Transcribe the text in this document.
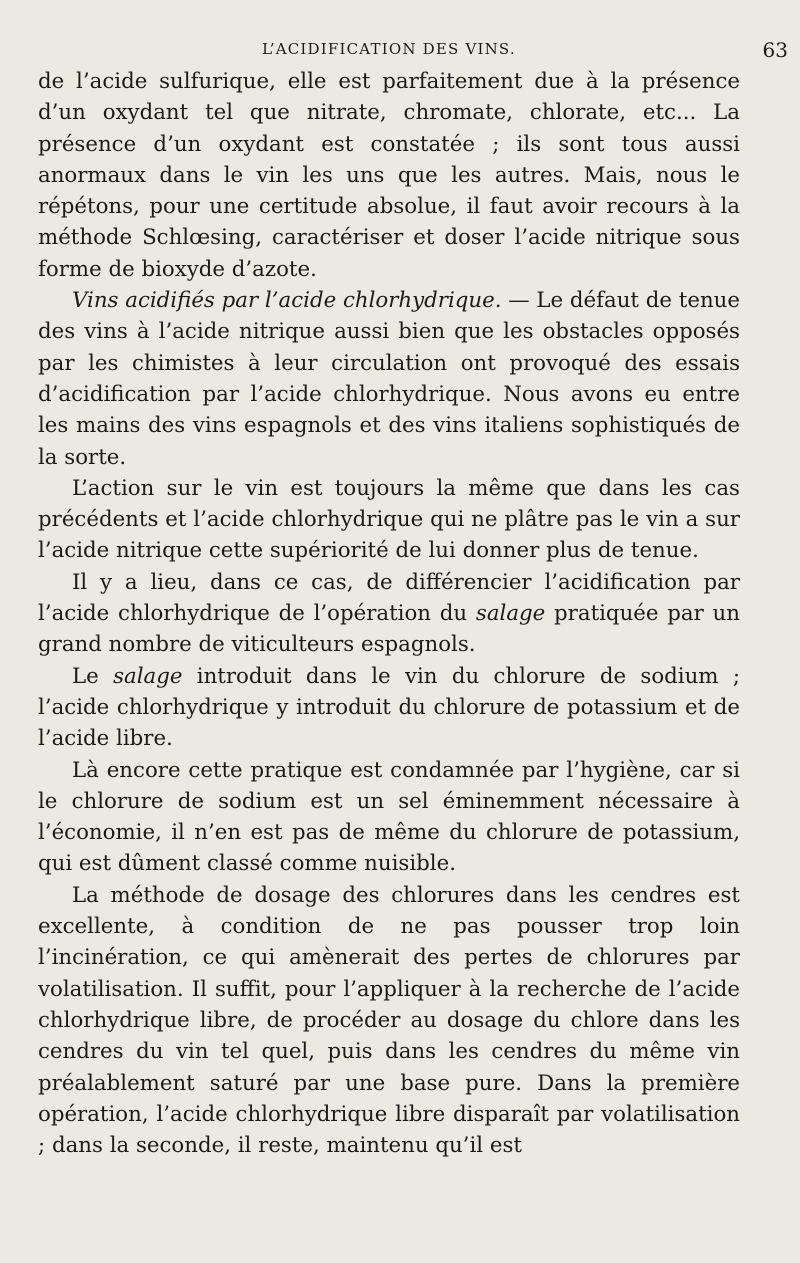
L’ACIDIFICATION DES VINS.	63

de l’acide sulfurique, elle est parfaitement due à la présence d’un oxydant tel que nitrate, chromate, chlorate, etc... La présence d’un oxydant est constatée ; ils sont tous aussi anormaux dans le vin les uns que les autres. Mais, nous le répétons, pour une certitude absolue, il faut avoir recours à la méthode Schlœsing, caractériser et doser l’acide nitrique sous forme de bioxyde d’azote.

Vins acidifiés par l’acide chlorhydrique. — Le défaut de tenue des vins à l’acide nitrique aussi bien que les obstacles opposés par les chimistes à leur circulation ont provoqué des essais d’acidification par l’acide chlorhydrique. Nous avons eu entre les mains des vins espagnols et des vins italiens sophistiqués de la sorte.

L’action sur le vin est toujours la même que dans les cas précédents et l’acide chlorhydrique qui ne plâtre pas le vin a sur l’acide nitrique cette supériorité de lui donner plus de tenue.

Il y a lieu, dans ce cas, de différencier l’acidification par l’acide chlorhydrique de l’opération du salage pratiquée par un grand nombre de viticulteurs espagnols.

Le salage introduit dans le vin du chlorure de sodium ; l’acide chlorhydrique y introduit du chlorure de potassium et de l’acide libre.

Là encore cette pratique est condamnée par l’hygiène, car si le chlorure de sodium est un sel éminemment nécessaire à l’économie, il n’en est pas de même du chlorure de potassium, qui est dûment classé comme nuisible.

La méthode de dosage des chlorures dans les cendres est excellente, à condition de ne pas pousser trop loin l’incinération, ce qui amènerait des pertes de chlorures par volatilisation. Il suffit, pour l’appliquer à la recherche de l’acide chlorhydrique libre, de procéder au dosage du chlore dans les cendres du vin tel quel, puis dans les cendres du même vin préalablement saturé par une base pure. Dans la première opération, l’acide chlorhydrique libre disparaît par volatilisation ; dans la seconde, il reste, maintenu qu’il est
